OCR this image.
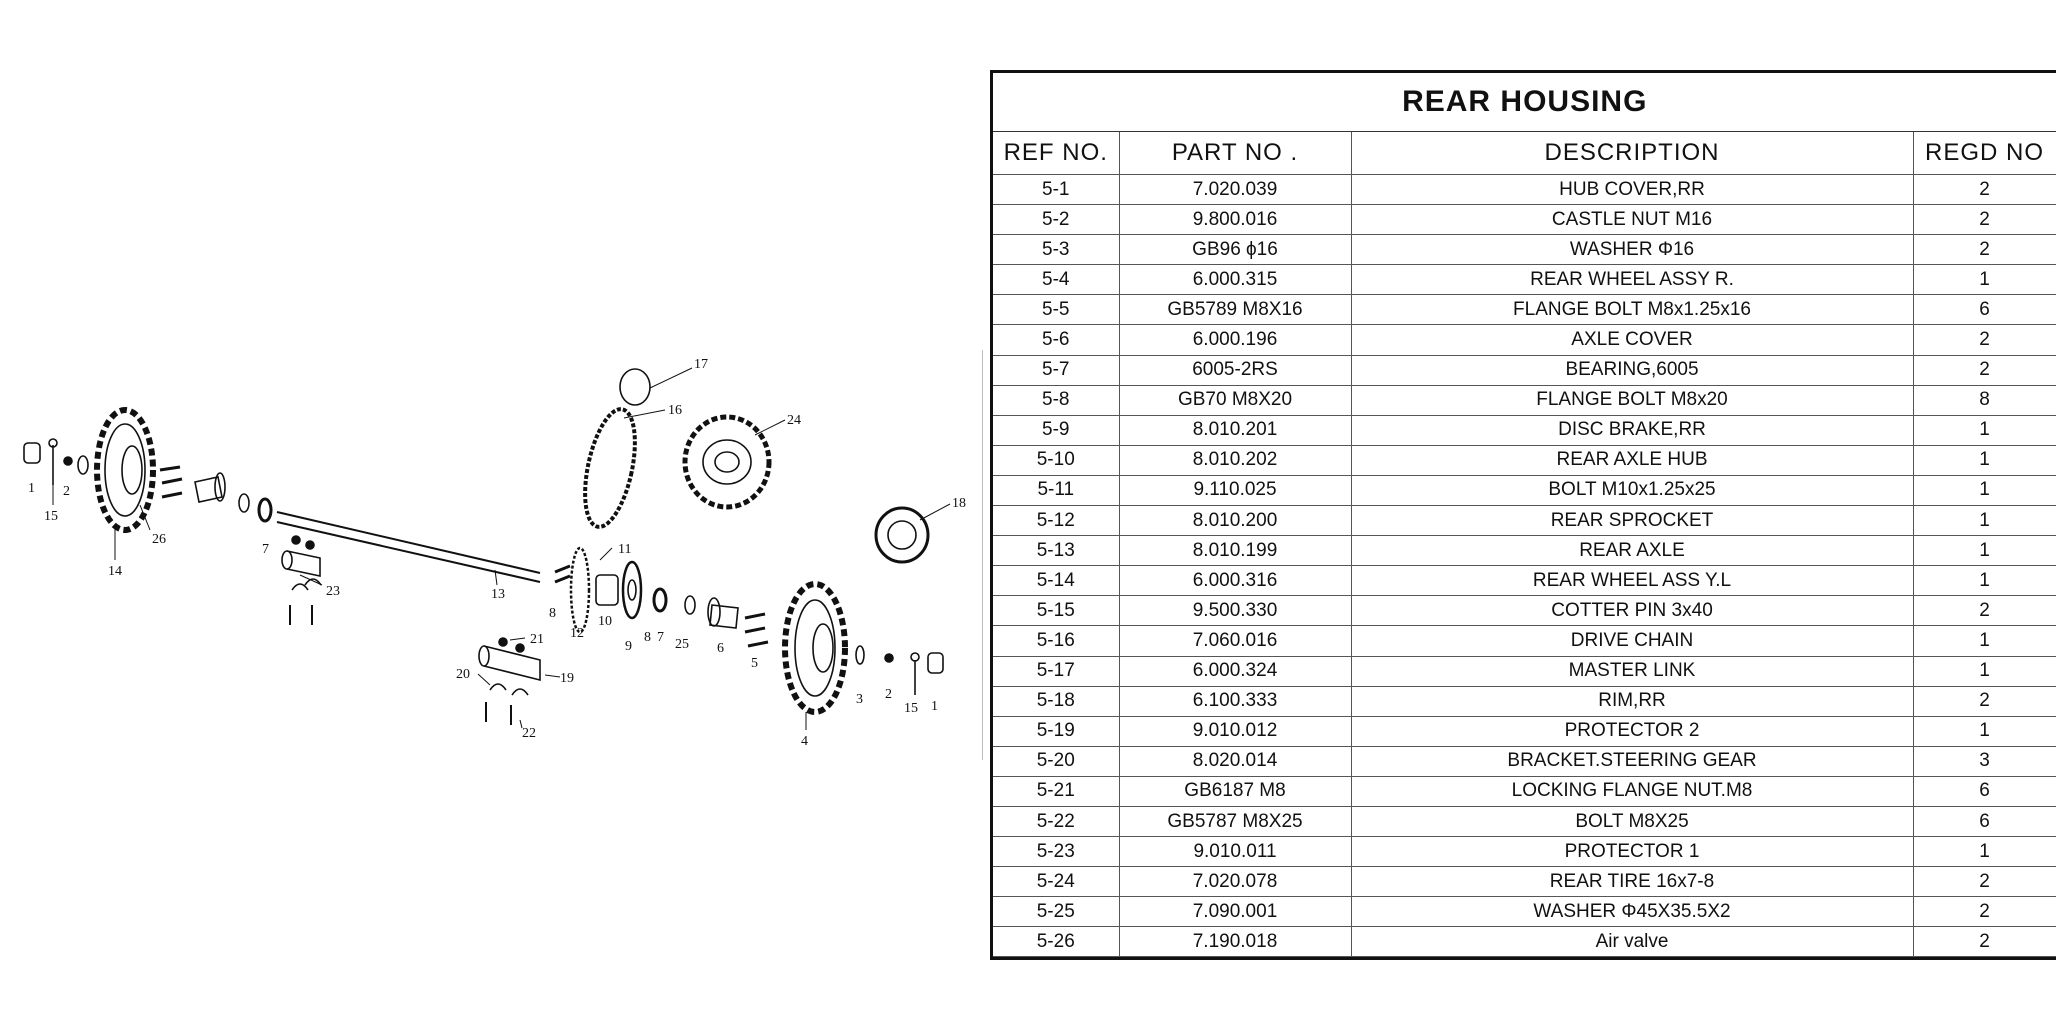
1
15
2
26
14
7
23	13
8
12
11
10
9
8 7 25 6
5
17
16
24
18
21
20	19
22
4
3 2
15 1
REAR HOUSING
REF NO.	PART NO .	DESCRIPTION	REGD NO
5-1	7.020.039	HUB COVER,RR	2
5-2	9.800.016	CASTLE NUT M16	2
5-3	GB96 ϕ16	WASHER Φ16	2
5-4	6.000.315	REAR WHEEL ASSY R.	1
5-5	GB5789 M8X16	FLANGE BOLT M8x1.25x16	6
5-6	6.000.196	AXLE COVER	2
5-7	6005-2RS	BEARING,6005	2
5-8	GB70 M8X20	FLANGE BOLT M8x20	8
5-9	8.010.201	DISC BRAKE,RR	1
5-10	8.010.202	REAR AXLE HUB	1
5-11	9.110.025	BOLT M10x1.25x25	1
5-12	8.010.200	REAR SPROCKET	1
5-13	8.010.199	REAR AXLE	1
5-14	6.000.316	REAR WHEEL ASS Y.L	1
5-15	9.500.330	COTTER PIN 3x40	2
5-16	7.060.016	DRIVE CHAIN	1
5-17	6.000.324	MASTER LINK	1
5-18	6.100.333	RIM,RR	2
5-19	9.010.012	PROTECTOR 2	1
5-20	8.020.014	BRACKET.STEERING GEAR	3
5-21	GB6187 M8	LOCKING FLANGE NUT.M8	6
5-22	GB5787 M8X25	BOLT M8X25	6
5-23	9.010.011	PROTECTOR 1	1
5-24	7.020.078	REAR TIRE 16x7-8	2
5-25	7.090.001	WASHER Φ45X35.5X2	2
5-26	7.190.018	Air valve	2
